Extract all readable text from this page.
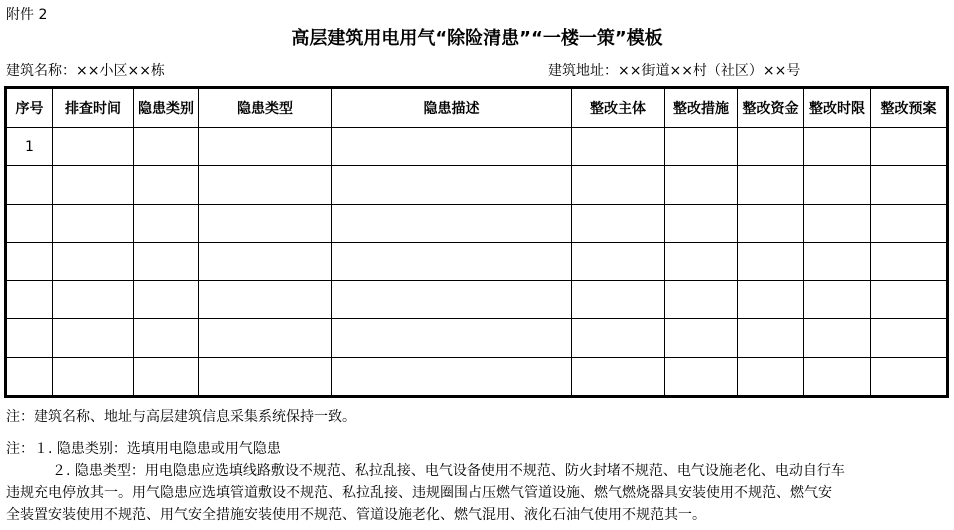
附件 2
高层建筑用电用气“除险清患”“一楼一策”模板
建筑名称：××小区××栋	建筑地址：××街道××村（社区）××号
序号	排查时间	隐患类别	隐患类型	隐患描述	整改主体	整改措施	整改资金	整改时限	整改预案
1									

注：建筑名称、地址与高层建筑信息采集系统保持一致。
注：１. 隐患类别：选填用电隐患或用气隐患
２. 隐患类型：用电隐患应选填线路敷设不规范、私拉乱接、电气设备使用不规范、防火封堵不规范、电气设施老化、电动自行车
违规充电停放其一。用气隐患应选填管道敷设不规范、私拉乱接、违规圈围占压燃气管道设施、燃气燃烧器具安装使用不规范、燃气安
全装置安装使用不规范、用气安全措施安装使用不规范、管道设施老化、燃气混用、液化石油气使用不规范其一。
